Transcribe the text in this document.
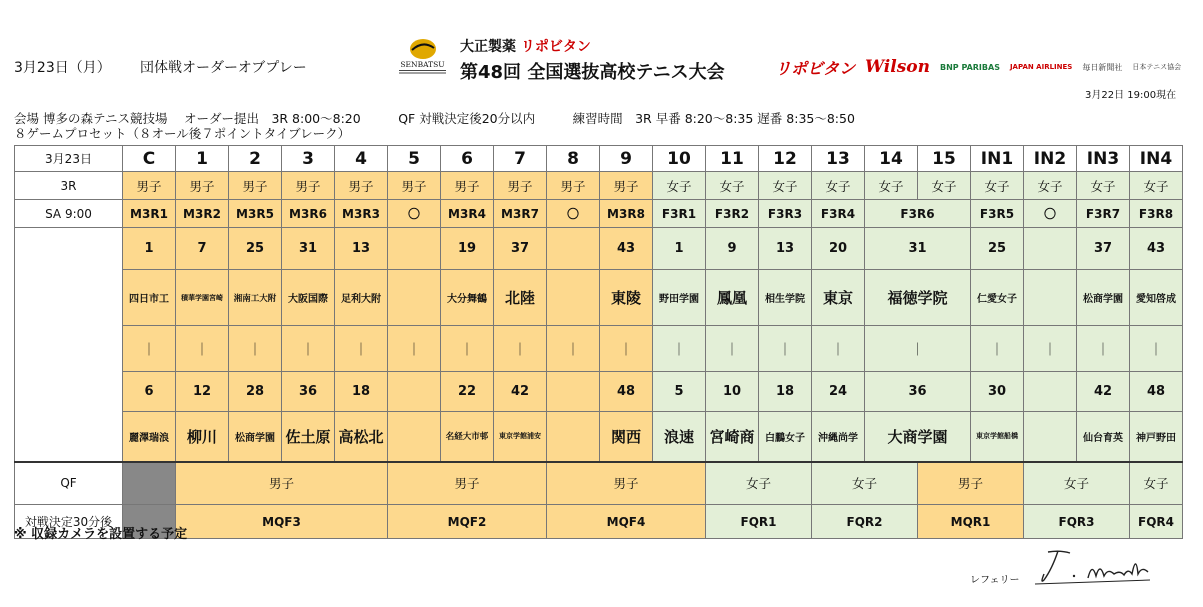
3月23日（月） 団体戦オーダーオブプレー	SENBATSU
大正製薬 リポビタン
第48回 全国選抜高校テニス大会	リポビタン Wilson BNP PARIBAS JAPAN AIRLINES 毎日新聞社 日本テニス協会
3月22日 19:00現在
会場 博多の森テニス競技場　 オーダー提出　3R 8:00～8:20　　　QF 対戦決定後20分以内　　　練習時間　3R 早番 8:20～8:35 遅番 8:35～8:50
８ゲームプロセット（８オール後７ポイントタイブレーク）
3月23日	C	1	2	3	4	5	6	7	8	9	10	11	12	13	14	15	IN1	IN2	IN3	IN4
3R	男子	男子	男子	男子	男子	男子	男子	男子	男子	男子	女子	女子	女子	女子	女子	女子	女子	女子	女子	女子
SA 9:00	M3R1	M3R2	M3R5	M3R6	M3R3	〇	M3R4	M3R7	〇	M3R8	F3R1	F3R2	F3R3	F3R4	F3R6		F3R5	〇	F3R7	F3R8
	1	7	25	31	13		19	37		43	1	9	13	20	31		25		37	43
	四日市工	積華学園宮崎	湘南工大附	大阪国際	足利大附		大分舞鶴	北陸		東陵	野田学園	鳳凰	相生学院	東京	福徳学院		仁愛女子		松商学園	愛知啓成
	｜	｜	｜	｜	｜	｜	｜	｜	｜	｜	｜	｜	｜	｜	｜		｜	｜	｜	｜
	6	12	28	36	18		22	42		48	5	10	18	24	36		30		42	48
	麗澤瑞浪	柳川	松商学園	佐土原	高松北		名経大市邨	東京学館浦安		関西	浪速	宮崎商	白鵬女子	沖縄尚学	大商学園		東京学館船橋		仙台育英	神戸野田
QF		男子				男子			男子			女子		女子		男子		女子		女子
対戦決定30分後		MQF3				MQF2			MQF4			FQR1		FQR2		MQR1		FQR3		FQR4
※ 収録カメラを設置する予定
レフェリー
